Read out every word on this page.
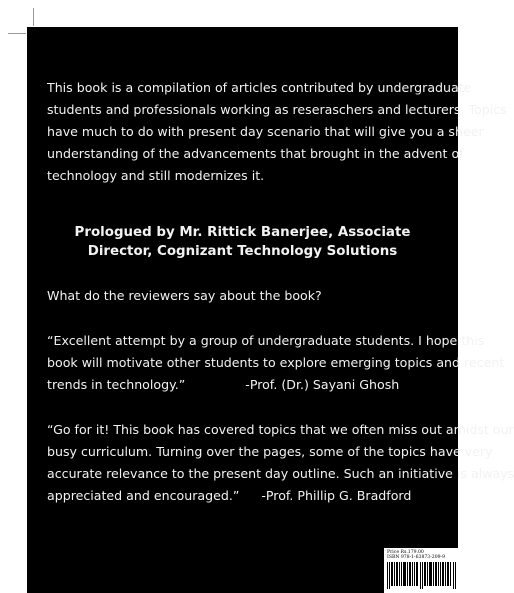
This book is a compilation of articles contributed by undergraduate
students and professionals working as reseraschers and lecturers. Topics
have much to do with present day scenario that will give you a sheer
understanding of the advancements that brought in the advent of
technology and still modernizes it.
Prologued by Mr. Rittick Banerjee, Associate
Director, Cognizant Technology Solutions
What do the reviewers say about the book?
“Excellent attempt by a group of undergraduate students. I hope this
book will motivate other students to explore emerging topics and recent
trends in technology.”	-Prof. (Dr.) Sayani Ghosh
“Go for it! This book has covered topics that we often miss out amidst our
busy curriculum. Turning over the pages, some of the topics have very
accurate relevance to the present day outline. Such an initiative is always
appreciated and encouraged.” -Prof. Phillip G. Bradford
Price Rs.179.00
ISBN 978-1-63873-209-9
